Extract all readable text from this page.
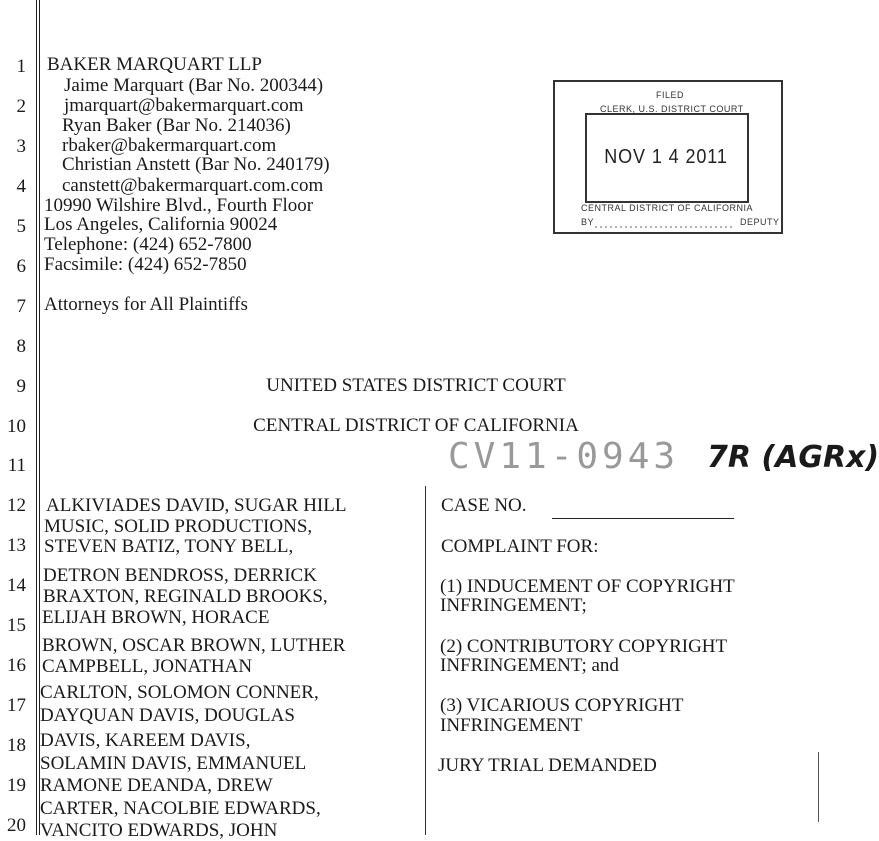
1
2
3
4
5
6
7
8
9
10
11
12
13
14
15
16
17
18
19
20
BAKER MARQUART LLP
Jaime Marquart (Bar No. 200344)
jmarquart@bakermarquart.com
Ryan Baker (Bar No. 214036)
rbaker@bakermarquart.com
Christian Anstett (Bar No. 240179)
canstett@bakermarquart.com.com
10990 Wilshire Blvd., Fourth Floor
Los Angeles, California 90024
Telephone: (424) 652-7800
Facsimile: (424) 652-7850
Attorneys for All Plaintiffs
FILED
CLERK, U.S. DISTRICT COURT
NOV 1 4 2011
CENTRAL DISTRICT OF CALIFORNIA
BY	DEPUTY
UNITED STATES DISTRICT COURT
CENTRAL DISTRICT OF CALIFORNIA
CV11-0943 7R (AGRx)
ALKIVIADES DAVID, SUGAR HILL
MUSIC, SOLID PRODUCTIONS,
STEVEN BATIZ, TONY BELL,
DETRON BENDROSS, DERRICK
BRAXTON, REGINALD BROOKS,
ELIJAH BROWN, HORACE
BROWN, OSCAR BROWN, LUTHER
CAMPBELL, JONATHAN
CARLTON, SOLOMON CONNER,
DAYQUAN DAVIS, DOUGLAS
DAVIS, KAREEM DAVIS,
SOLAMIN DAVIS, EMMANUEL
RAMONE DEANDA, DREW
CARTER, NACOLBIE EDWARDS,
VANCITO EDWARDS, JOHN
CASE NO.
COMPLAINT FOR:
(1) INDUCEMENT OF COPYRIGHT
INFRINGEMENT;
(2) CONTRIBUTORY COPYRIGHT
INFRINGEMENT; and
(3) VICARIOUS COPYRIGHT
INFRINGEMENT
JURY TRIAL DEMANDED
